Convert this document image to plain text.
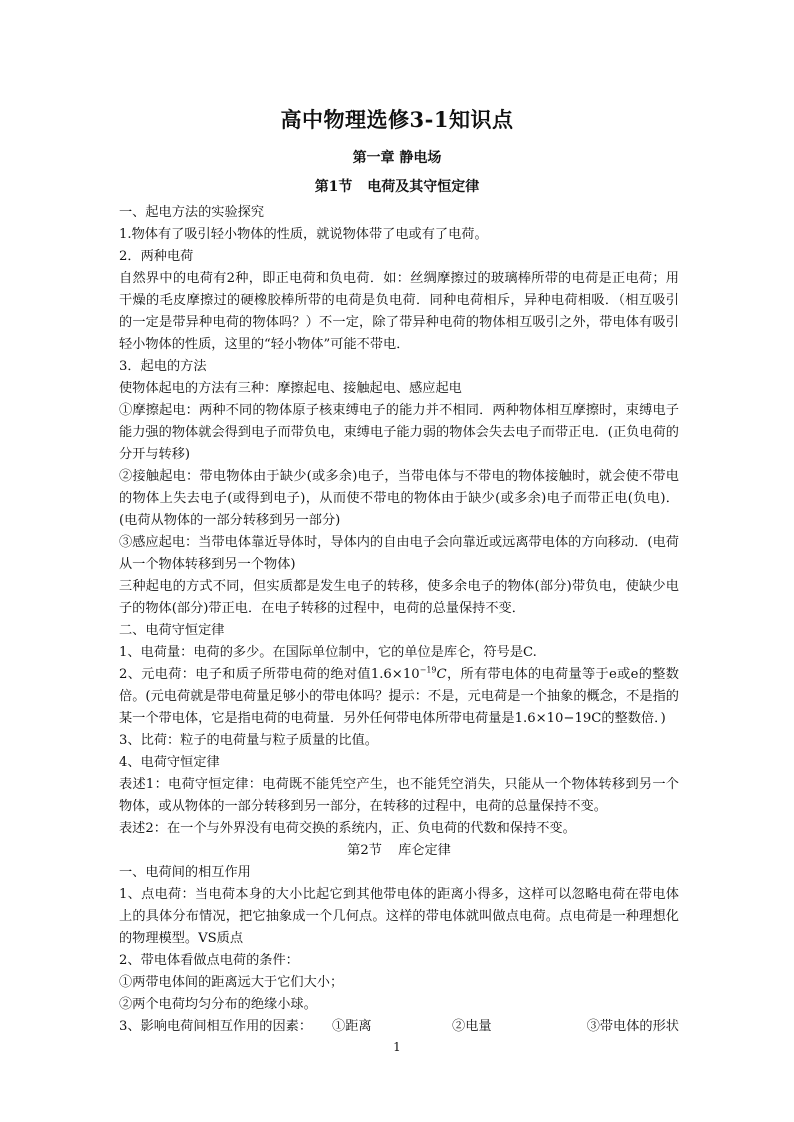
高中物理选修3-1知识点
第一章 静电场
第1节 电荷及其守恒定律

一、起电方法的实验探究

1.物体有了吸引轻小物体的性质，就说物体带了电或有了电荷。

2．两种电荷

自然界中的电荷有2种，即正电荷和负电荷．如：丝绸摩擦过的玻璃棒所带的电荷是正电荷；用干燥的毛皮摩擦过的硬橡胶棒所带的电荷是负电荷．同种电荷相斥，异种电荷相吸．（相互吸引的一定是带异种电荷的物体吗？）不一定，除了带异种电荷的物体相互吸引之外，带电体有吸引轻小物体的性质，这里的“轻小物体”可能不带电．

3．起电的方法

使物体起电的方法有三种：摩擦起电、接触起电、感应起电

①摩擦起电：两种不同的物体原子核束缚电子的能力并不相同．两种物体相互摩擦时，束缚电子能力强的物体就会得到电子而带负电，束缚电子能力弱的物体会失去电子而带正电．(正负电荷的分开与转移)

②接触起电：带电物体由于缺少(或多余)电子，当带电体与不带电的物体接触时，就会使不带电的物体上失去电子(或得到电子)，从而使不带电的物体由于缺少(或多余)电子而带正电(负电)．(电荷从物体的一部分转移到另一部分)

③感应起电：当带电体靠近导体时，导体内的自由电子会向靠近或远离带电体的方向移动．(电荷从一个物体转移到另一个物体)

三种起电的方式不同，但实质都是发生电子的转移，使多余电子的物体(部分)带负电，使缺少电子的物体(部分)带正电．在电子转移的过程中，电荷的总量保持不变．

二、电荷守恒定律

1、电荷量：电荷的多少。在国际单位制中，它的单位是库仑，符号是C.

2、元电荷：电子和质子所带电荷的绝对值$1.6\times 10^{-19}C$，所有带电体的电荷量等于e或e的整数倍。(元电荷就是带电荷量足够小的带电体吗？提示：不是，元电荷是一个抽象的概念，不是指的某一个带电体，它是指电荷的电荷量．另外任何带电体所带电荷量是1.6×10−19C的整数倍．)

3、比荷：粒子的电荷量与粒子质量的比值。

4、电荷守恒定律

表述1：电荷守恒定律：电荷既不能凭空产生，也不能凭空消失，只能从一个物体转移到另一个物体，或从物体的一部分转移到另一部分，在转移的过程中，电荷的总量保持不变。

表述2：在一个与外界没有电荷交换的系统内，正、负电荷的代数和保持不变。

第2节 库仑定律

一、电荷间的相互作用

1、点电荷：当电荷本身的大小比起它到其他带电体的距离小得多，这样可以忽略电荷在带电体上的具体分布情况，把它抽象成一个几何点。这样的带电体就叫做点电荷。点电荷是一种理想化的物理模型。VS质点

2、带电体看做点电荷的条件：

①两带电体间的距离远大于它们大小；

②两个电荷均匀分布的绝缘小球。

3、影响电荷间相互作用的因素： ①距离	②电量	③带电体的形状

1
